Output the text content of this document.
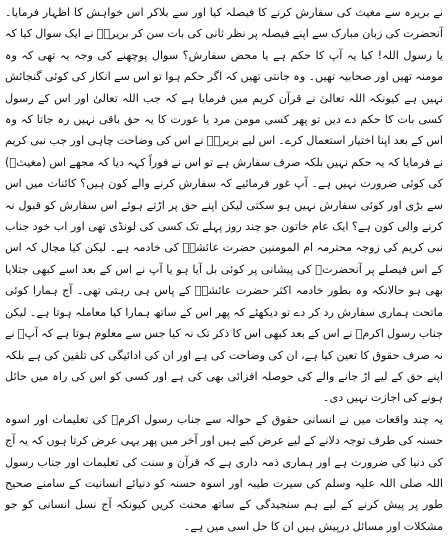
نے بریرہ سے مغیث کی سفارش کرنے کا فیصلہ کیا اور سے بلاکر اس خواہش کا اظہار فرمایا۔ آنحضرت کی زبان مبارک سے اپنے فیصلہ پر نظر ثانی کی بات سن کر بریرہؓ نے ایک سوال کیا کہ یا رسول اللہ! کیا یہ آپ کا حکم ہے یا محض سفارش؟ سوال پوچھنے کی وجہ یہ تھی کہ وہ مومنہ تھیں اور صحابیہ تھیں۔ وہ جانتی تھیں کہ اگر حکم ہوا تو اس سے انکار کی کوئی گنجائش نہیں ہے کیونکہ اللہ تعالیٰ نے قرآن کریم میں فرمایا ہے کہ جب اللہ تعالیٰ اور اس کے رسول کسی بات کا حکم دے دیں تو پھر کسی مومن مرد یا عورت کا یہ حق باقی نہیں رہ جاتا کہ وہ اس کے بعد اپنا اختیار استعمال کرے۔ اس لیے بریرہؓ نے اس کی وضاحت چاہی اور جب نبی کریم نے فرمایا کہ یہ حکم نہیں بلکہ صرف سفارش ہے تو اس نے فوراً کہہ دیا کہ مجھے اس (مغیثؓ) کی کوئی ضرورت نہیں ہے۔ آپ غور فرمائیے کہ سفارش کرنے والے کون ہیں؟ کائنات میں اس سے بڑی اور کوئی سفارش نہیں ہو سکتی لیکن اپنے حق پر اڑتے ہوئے اس سفارش کو قبول نہ کرنے والی کون ہے؟ ایک عام خاتون جو چند روز پہلے تک کسی کی لونڈی تھی اور اب خود جناب نبی کریم کی زوجہ محترمہ ام المومنین حضرت عائشہؓ کی خادمہ ہے۔ لیکن کیا مجال کہ اس کے اس فیصلے پر آنحضرتؐ کی پیشانی پر کوئی بل آیا ہو یا آپ نے اس کے بعد اسے کبھی جتلایا بھی ہو حالانکہ وہ بطور خادمہ اکثر حضرت عائشہؓ کے پاس ہی رہتی تھی۔ آج ہمارا کوئی ماتحت ہماری سفارش رد کر دے تو دیکھئے کہ پھر اس کے ساتھ ہمارا کیا معاملہ ہوتا ہے۔ لیکن جناب رسول اکرمؐ نے اس کے بعد کبھی اس کا ذکر تک نہ کیا جس سے معلوم ہوتا ہے کہ آپؐ نے نہ صرف حقوق کا تعین کیا ہے، ان کی وضاحت کی ہے اور ان کی ادائیگی کی تلقین کی ہے بلکہ اپنے حق کے لیے اڑ جانے والے کی حوصلہ افزائی بھی کی ہے اور کسی کو اس کی راہ میں حائل ہونے کی اجازت نہیں دی۔

یہ چند واقعات میں نے انسانی حقوق کے حوالہ سے جناب رسول اکرمؐ کی تعلیمات اور اسوہ حسنہ کی طرف توجہ دلانے کے لیے عرض کیے ہیں اور آخر میں پھر یہی عرض کرتا ہوں کہ یہ آج کی دنیا کی ضرورت ہے اور ہماری ذمہ داری ہے کہ قرآن و سنت کی تعلیمات اور جناب رسول اللہ صلی اللہ علیہ وسلم کی سیرت طیبہ اور اسوہ حسنہ کو دنیائے انسانیت کے سامنے صحیح طور پر پیش کرنے کے لیے ہم سنجیدگی کے ساتھ محنت کریں کیونکہ آج نسل انسانی کو جو مشکلات اور مسائل درپیش ہیں ان کا حل اسی میں ہے۔
